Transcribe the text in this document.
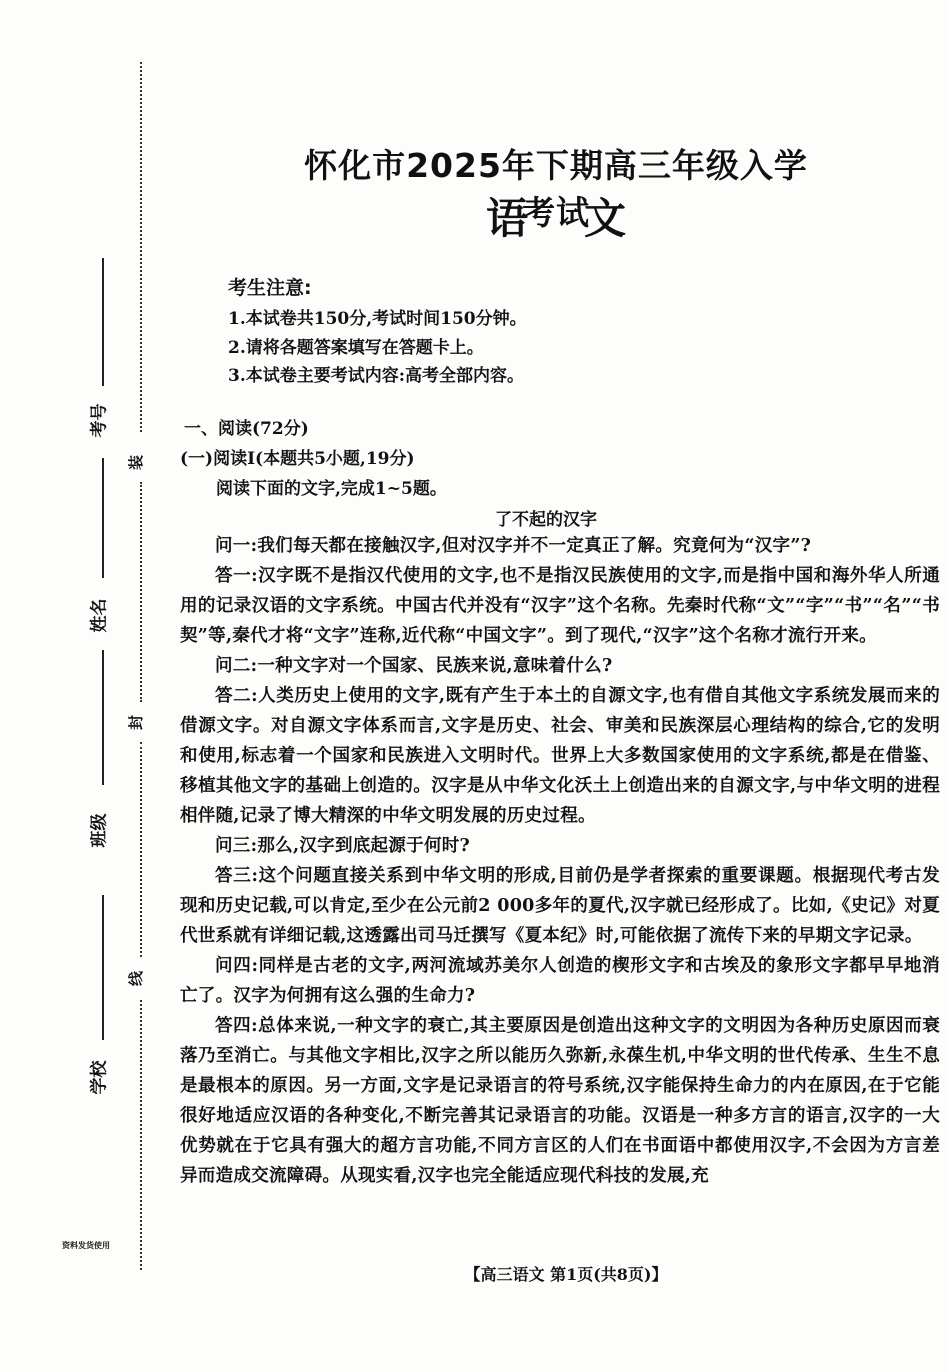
装
封
线
考号
姓名
班级
学校
资料发货使用
怀化市2025年下期高三年级入学考试
语 文
考生注意:
1.本试卷共150分,考试时间150分钟。
2.请将各题答案填写在答题卡上。
3.本试卷主要考试内容:高考全部内容。
一、阅读(72分)
(一)阅读Ⅰ(本题共5小题,19分)
阅读下面的文字,完成1~5题。
了不起的汉字

问一:我们每天都在接触汉字,但对汉字并不一定真正了解。究竟何为“汉字”?

答一:汉字既不是指汉代使用的文字,也不是指汉民族使用的文字,而是指中国和海外华人所通用的记录汉语的文字系统。中国古代并没有“汉字”这个名称。先秦时代称“文”“字”“书”“名”“书契”等,秦代才将“文字”连称,近代称“中国文字”。到了现代,“汉字”这个名称才流行开来。

问二:一种文字对一个国家、民族来说,意味着什么?

答二:人类历史上使用的文字,既有产生于本土的自源文字,也有借自其他文字系统发展而来的借源文字。对自源文字体系而言,文字是历史、社会、审美和民族深层心理结构的综合,它的发明和使用,标志着一个国家和民族进入文明时代。世界上大多数国家使用的文字系统,都是在借鉴、移植其他文字的基础上创造的。汉字是从中华文化沃土上创造出来的自源文字,与中华文明的进程相伴随,记录了博大精深的中华文明发展的历史过程。

问三:那么,汉字到底起源于何时?

答三:这个问题直接关系到中华文明的形成,目前仍是学者探索的重要课题。根据现代考古发现和历史记载,可以肯定,至少在公元前2 000多年的夏代,汉字就已经形成了。比如,《史记》对夏代世系就有详细记载,这透露出司马迁撰写《夏本纪》时,可能依据了流传下来的早期文字记录。

问四:同样是古老的文字,两河流域苏美尔人创造的楔形文字和古埃及的象形文字都早早地消亡了。汉字为何拥有这么强的生命力?

答四:总体来说,一种文字的衰亡,其主要原因是创造出这种文字的文明因为各种历史原因而衰落乃至消亡。与其他文字相比,汉字之所以能历久弥新,永葆生机,中华文明的世代传承、生生不息是最根本的原因。另一方面,文字是记录语言的符号系统,汉字能保持生命力的内在原因,在于它能很好地适应汉语的各种变化,不断完善其记录语言的功能。汉语是一种多方言的语言,汉字的一大优势就在于它具有强大的超方言功能,不同方言区的人们在书面语中都使用汉字,不会因为方言差异而造成交流障碍。从现实看,汉字也完全能适应现代科技的发展,充

【高三语文 第1页(共8页)】
